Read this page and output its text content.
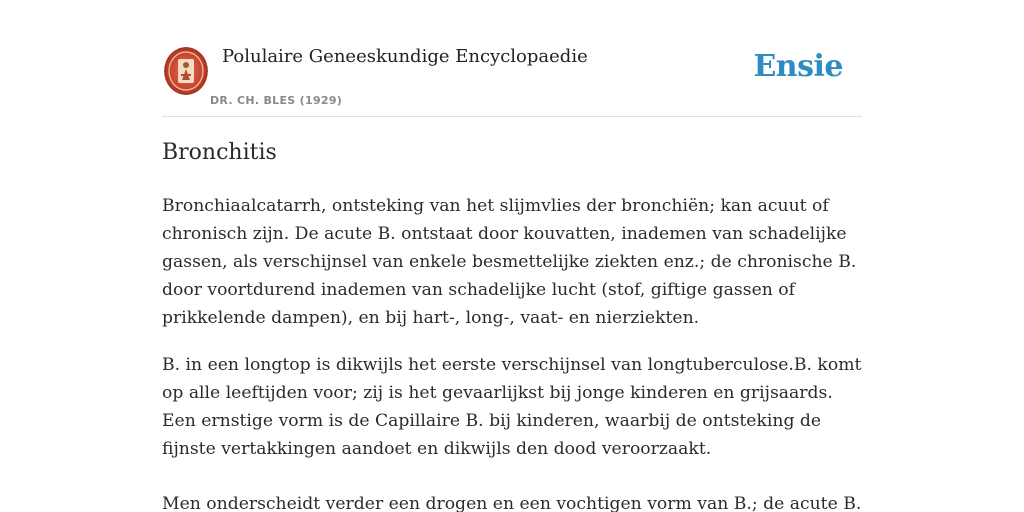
Polulaire Geneeskundige Encyclopaedie
DR. CH. BLES (1929)
Ensie
Bronchitis

Bronchiaalcatarrh, ontsteking van het slijmvlies der bronchiën; kan acuut of chronisch zijn. De acute B. ontstaat door kouvatten, inademen van schadelijke gassen, als verschijnsel van enkele besmettelijke ziekten enz.; de chronische B. door voortdurend inademen van schadelijke lucht (stof, giftige gassen of prikkelende dampen), en bij hart-, long-, vaat- en nierziekten.

B. in een longtop is dikwijls het eerste verschijnsel van longtuberculose.B. komt op alle leeftijden voor; zij is het gevaarlijkst bij jonge kinderen en grijsaards. Een ernstige vorm is de Capillaire B. bij kinderen, waarbij de ontsteking de fijnste vertakkingen aandoet en dikwijls den dood veroorzaakt.

Men onderscheidt verder een drogen en een vochtigen vorm van B.; de acute B.
